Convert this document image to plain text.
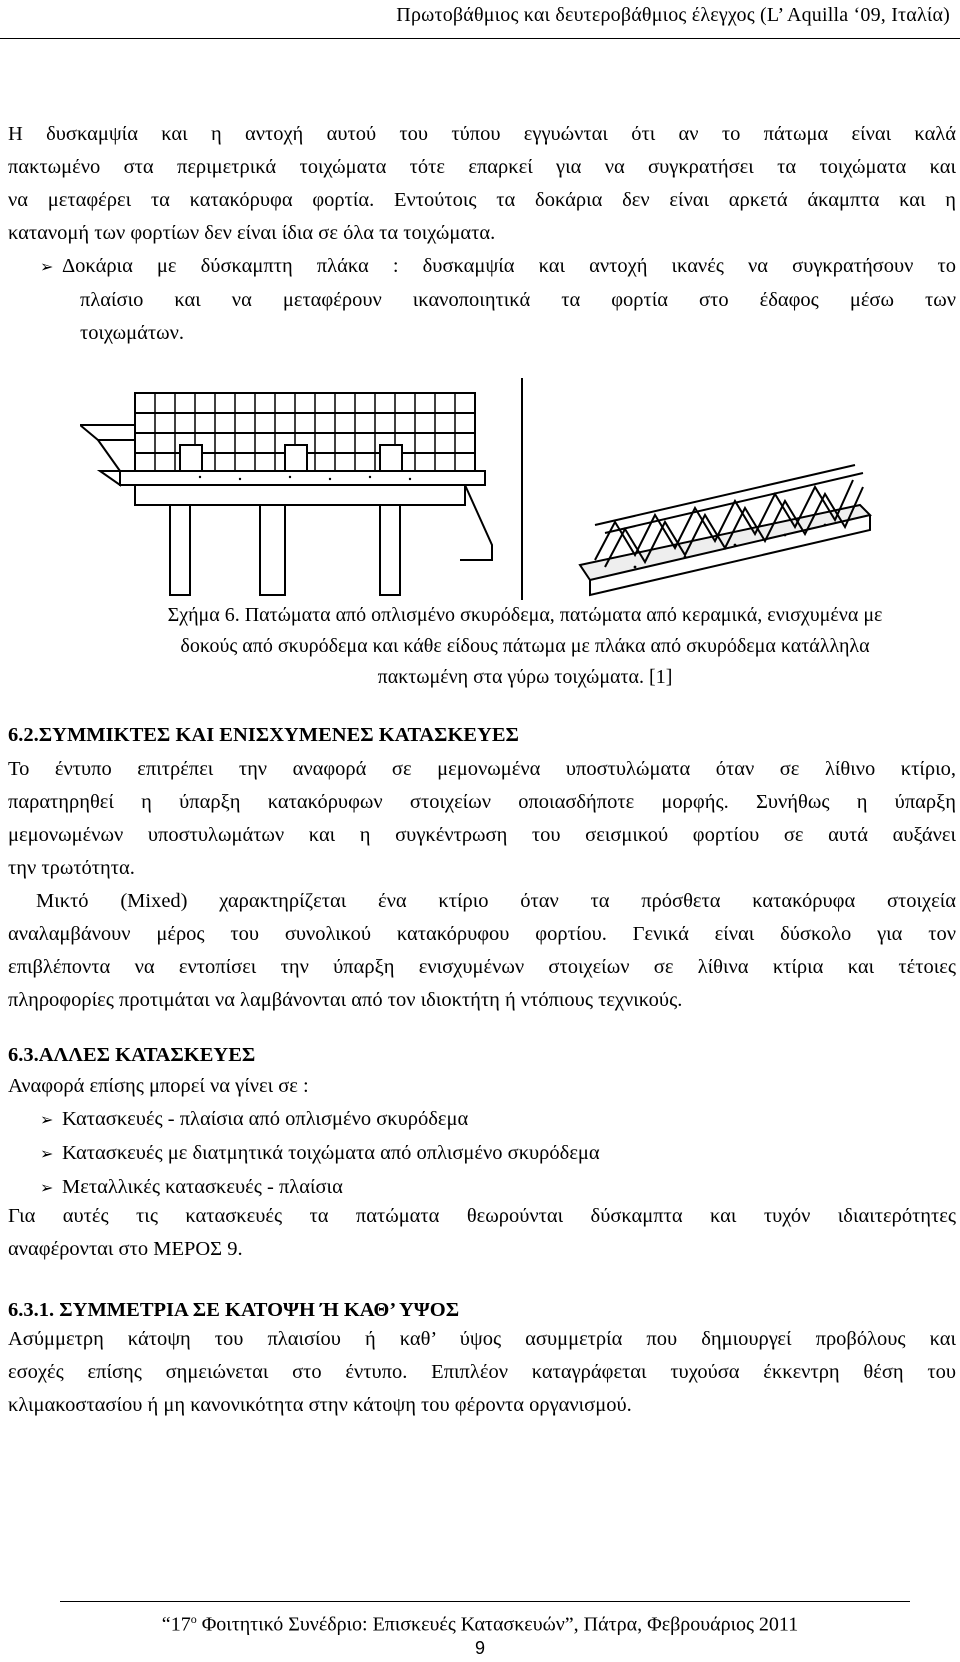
Πρωτοβάθμιος και δευτεροβάθμιος έλεγχος (L’ Aquilla ‘09, Ιταλία)
Η δυσκαμψία και η αντοχή αυτού του τύπου εγγυώνται ότι αν το πάτωμα είναι καλά
πακτωμένο στα περιμετρικά τοιχώματα τότε επαρκεί για να συγκρατήσει τα τοιχώματα και
να μεταφέρει τα κατακόρυφα φορτία. Εντούτοις τα δοκάρια δεν είναι αρκετά άκαμπτα και η
κατανομή των φορτίων δεν είναι ίδια σε όλα τα τοιχώματα.
➢ Δοκάρια με δύσκαμπτη πλάκα : δυσκαμψία και αντοχή ικανές να συγκρατήσουν το
πλαίσιο και να μεταφέρουν ικανοποιητικά τα φορτία στο έδαφος μέσω των
τοιχωμάτων.
Σχήμα 6. Πατώματα από οπλισμένο σκυρόδεμα, πατώματα από κεραμικά, ενισχυμένα με
δοκούς από σκυρόδεμα και κάθε είδους πάτωμα με πλάκα από σκυρόδεμα κατάλληλα
πακτωμένη στα γύρω τοιχώματα. [1]
6.2.ΣΥΜΜΙΚΤΕΣ ΚΑΙ ΕΝΙΣΧΥΜΕΝΕΣ ΚΑΤΑΣΚΕΥΕΣ
Το έντυπο επιτρέπει την αναφορά σε μεμονωμένα υποστυλώματα όταν σε λίθινο κτίριο,
παρατηρηθεί η ύπαρξη κατακόρυφων στοιχείων οποιασδήποτε μορφής. Συνήθως η ύπαρξη
μεμονωμένων υποστυλωμάτων και η συγκέντρωση του σεισμικού φορτίου σε αυτά αυξάνει
την τρωτότητα.
Μικτό (Mixed) χαρακτηρίζεται ένα κτίριο όταν τα πρόσθετα κατακόρυφα στοιχεία
αναλαμβάνουν μέρος του συνολικού κατακόρυφου φορτίου. Γενικά είναι δύσκολο για τον
επιβλέποντα να εντοπίσει την ύπαρξη ενισχυμένων στοιχείων σε λίθινα κτίρια και τέτοιες
πληροφορίες προτιμάται να λαμβάνονται από τον ιδιοκτήτη ή ντόπιους τεχνικούς.
6.3.ΑΛΛΕΣ ΚΑΤΑΣΚΕΥΕΣ
Αναφορά επίσης μπορεί να γίνει σε :
➢ Κατασκευές - πλαίσια από οπλισμένο σκυρόδεμα
➢ Κατασκευές με διατμητικά τοιχώματα από οπλισμένο σκυρόδεμα
➢ Μεταλλικές κατασκευές - πλαίσια
Για αυτές τις κατασκευές τα πατώματα θεωρούνται δύσκαμπτα και τυχόν ιδιαιτερότητες
αναφέρονται στο ΜΕΡΟΣ 9.
6.3.1. ΣΥΜΜΕΤΡΙΑ ΣΕ ΚΑΤΟΨΗ Ή ΚΑΘ’ ΥΨΟΣ
Ασύμμετρη κάτοψη του πλαισίου ή καθ’ ύψος ασυμμετρία που δημιουργεί προβόλους και
εσοχές επίσης σημειώνεται στο έντυπο. Επιπλέον καταγράφεται τυχούσα έκκεντρη θέση του
κλιμακοστασίου ή μη κανονικότητα στην κάτοψη του φέροντα οργανισμού.
“$17^o$ Φοιτητικό Συνέδριο: Επισκευές Κατασκευών”, Πάτρα, Φεβρουάριος 2011
9
